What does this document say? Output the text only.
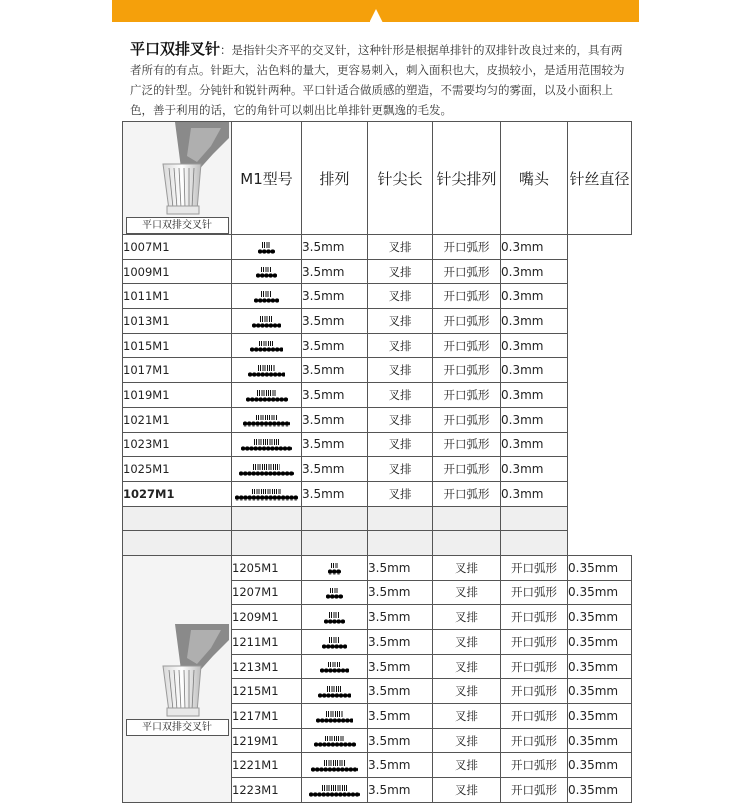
平口双排叉针：是指针尖齐平的交叉针，这种针形是根据单排针的双排针改良过来的，具有两者所有的有点。针距大，沾色料的量大，更容易刺入，刺入面积也大，皮损较小，是适用范围较为广泛的针型。分钝针和锐针两种。平口针适合做质感的塑造，不需要均匀的雾面，以及小面积上色，善于利用的话，它的角针可以刺出比单排针更飘逸的毛发。

平口双排交叉针	M1型号	排列	针尖长	针尖排列	嘴头	针丝直径
1007M1		3.5mm	叉排	开口弧形	0.3mm	
1009M1		3.5mm	叉排	开口弧形	0.3mm	
1011M1		3.5mm	叉排	开口弧形	0.3mm	
1013M1		3.5mm	叉排	开口弧形	0.3mm	
1015M1		3.5mm	叉排	开口弧形	0.3mm	
1017M1		3.5mm	叉排	开口弧形	0.3mm	
1019M1		3.5mm	叉排	开口弧形	0.3mm	
1021M1		3.5mm	叉排	开口弧形	0.3mm	
1023M1		3.5mm	叉排	开口弧形	0.3mm	
1025M1		3.5mm	叉排	开口弧形	0.3mm	
1027M1		3.5mm	叉排	开口弧形	0.3mm	

平口双排交叉针	1205M1		3.5mm	叉排	开口弧形	0.35mm
	1207M1		3.5mm	叉排	开口弧形	0.35mm
	1209M1		3.5mm	叉排	开口弧形	0.35mm
	1211M1		3.5mm	叉排	开口弧形	0.35mm
	1213M1		3.5mm	叉排	开口弧形	0.35mm
	1215M1		3.5mm	叉排	开口弧形	0.35mm
	1217M1		3.5mm	叉排	开口弧形	0.35mm
	1219M1		3.5mm	叉排	开口弧形	0.35mm
	1221M1		3.5mm	叉排	开口弧形	0.35mm
	1223M1		3.5mm	叉排	开口弧形	0.35mm
